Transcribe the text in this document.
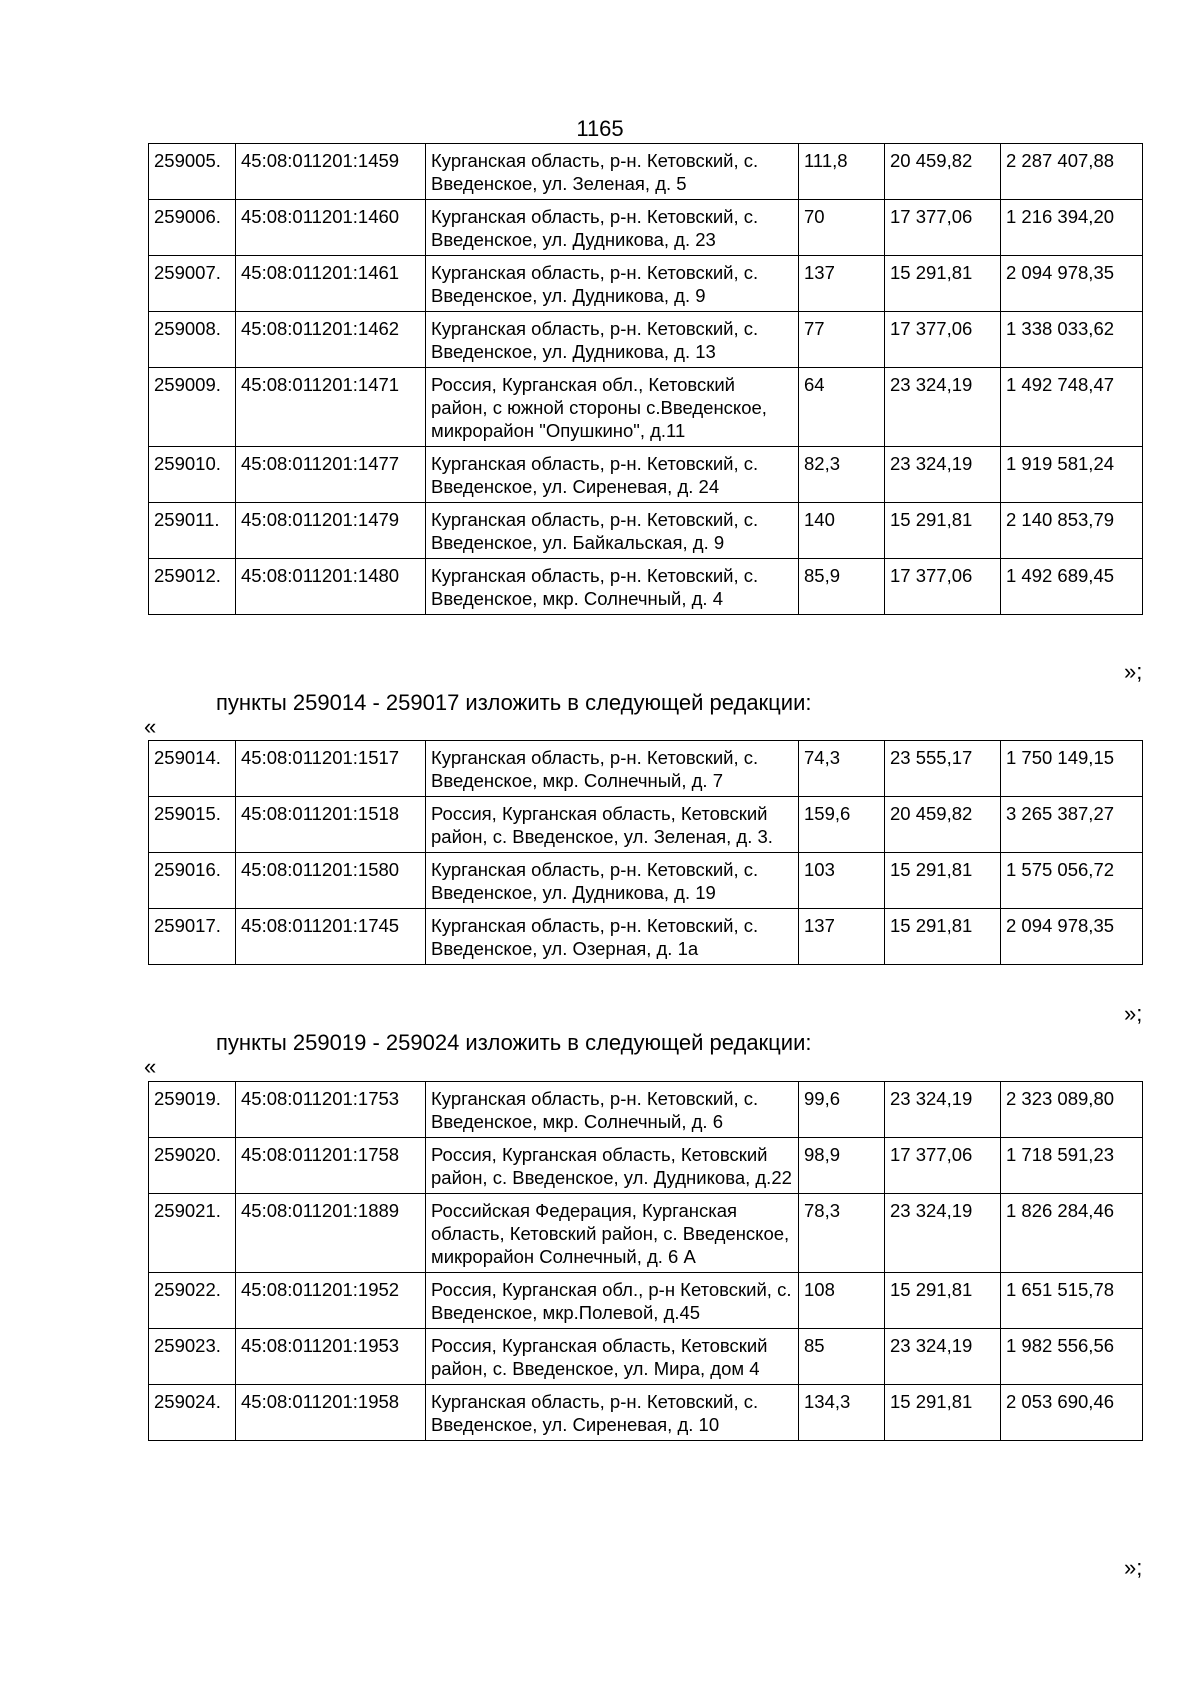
1165
259005.	45:08:011201:1459	Курганская область, р-н. Кетовский, с. Введенское, ул. Зеленая, д. 5	111,8	20 459,82	2 287 407,88
259006.	45:08:011201:1460	Курганская область, р-н. Кетовский, с. Введенское, ул. Дудникова, д. 23	70	17 377,06	1 216 394,20
259007.	45:08:011201:1461	Курганская область, р-н. Кетовский, с. Введенское, ул. Дудникова, д. 9	137	15 291,81	2 094 978,35
259008.	45:08:011201:1462	Курганская область, р-н. Кетовский, с. Введенское, ул. Дудникова, д. 13	77	17 377,06	1 338 033,62
259009.	45:08:011201:1471	Россия, Курганская обл., Кетовский район, с южной стороны с.Введенское, микрорайон "Опушкино", д.11	64	23 324,19	1 492 748,47
259010.	45:08:011201:1477	Курганская область, р-н. Кетовский, с. Введенское, ул. Сиреневая, д. 24	82,3	23 324,19	1 919 581,24
259011.	45:08:011201:1479	Курганская область, р-н. Кетовский, с. Введенское, ул. Байкальская, д. 9	140	15 291,81	2 140 853,79
259012.	45:08:011201:1480	Курганская область, р-н. Кетовский, с. Введенское, мкр. Солнечный, д. 4	85,9	17 377,06	1 492 689,45
»;
пункты 259014 - 259017 изложить в следующей редакции:
«
259014.	45:08:011201:1517	Курганская область, р-н. Кетовский, с. Введенское, мкр. Солнечный, д. 7	74,3	23 555,17	1 750 149,15
259015.	45:08:011201:1518	Россия, Курганская область, Кетовский район, с. Введенское, ул. Зеленая, д. 3.	159,6	20 459,82	3 265 387,27
259016.	45:08:011201:1580	Курганская область, р-н. Кетовский, с. Введенское, ул. Дудникова, д. 19	103	15 291,81	1 575 056,72
259017.	45:08:011201:1745	Курганская область, р-н. Кетовский, с. Введенское, ул. Озерная, д. 1а	137	15 291,81	2 094 978,35
»;
пункты 259019 - 259024 изложить в следующей редакции:
«
259019.	45:08:011201:1753	Курганская область, р-н. Кетовский, с. Введенское, мкр. Солнечный, д. 6	99,6	23 324,19	2 323 089,80
259020.	45:08:011201:1758	Россия, Курганская область, Кетовский район, с. Введенское, ул. Дудникова, д.22	98,9	17 377,06	1 718 591,23
259021.	45:08:011201:1889	Российская Федерация, Курганская область, Кетовский район, с. Введенское, микрорайон Солнечный, д. 6 А	78,3	23 324,19	1 826 284,46
259022.	45:08:011201:1952	Россия, Курганская обл., р-н Кетовский, с. Введенское, мкр.Полевой, д.45	108	15 291,81	1 651 515,78
259023.	45:08:011201:1953	Россия, Курганская область, Кетовский район, с. Введенское, ул. Мира, дом 4	85	23 324,19	1 982 556,56
259024.	45:08:011201:1958	Курганская область, р-н. Кетовский, с. Введенское, ул. Сиреневая, д. 10	134,3	15 291,81	2 053 690,46
»;
